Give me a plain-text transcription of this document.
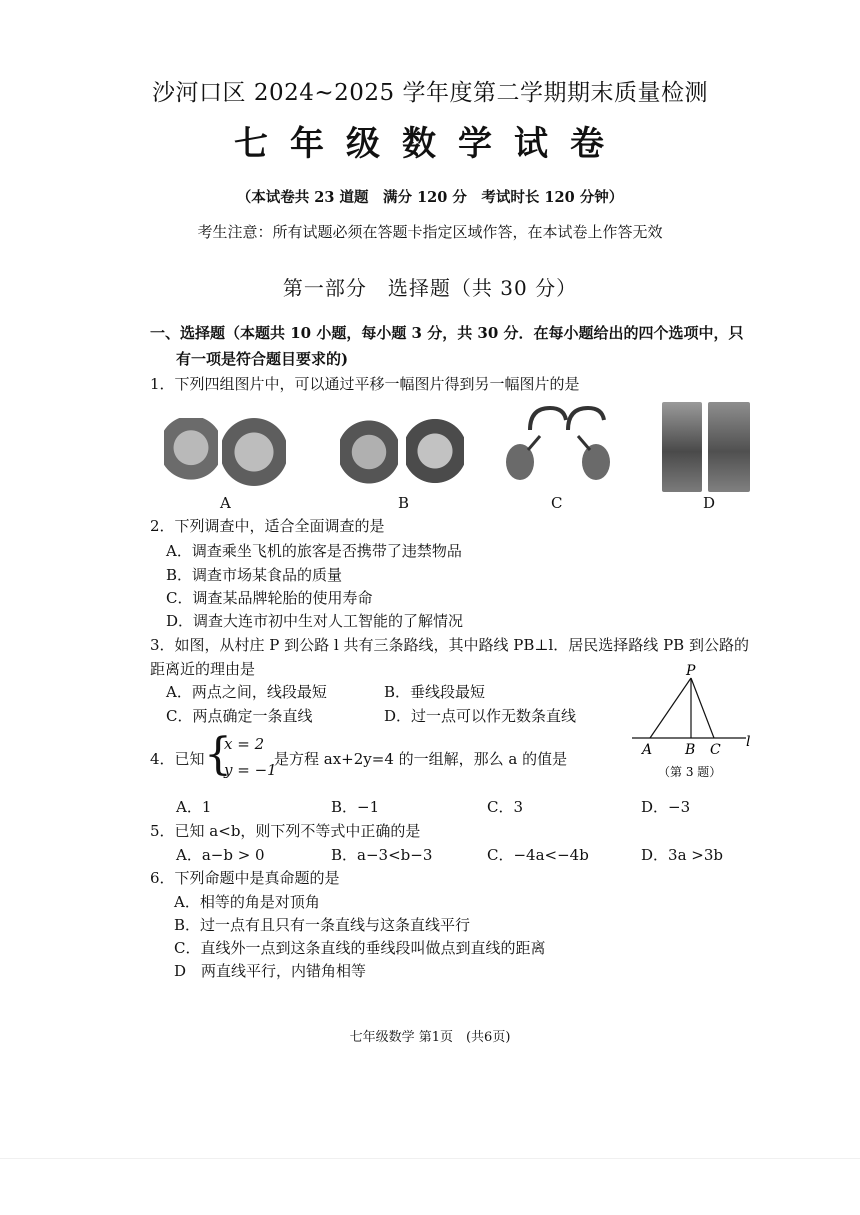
沙河口区 2024~2025 学年度第二学期期末质量检测
七年级数学试卷
（本试卷共 23 道题　满分 120 分　考试时长 120 分钟）
考生注意：所有试题必须在答题卡指定区域作答，在本试卷上作答无效
第一部分　选择题（共 30 分）
一、选择题（本题共 10 小题，每小题 3 分，共 30 分．在每小题给出的四个选项中，只
有一项是符合题目要求的)
1．下列四组图片中，可以通过平移一幅图片得到另一幅图片的是
A	B	C	D
2．下列调查中，适合全面调查的是
A．调查乘坐飞机的旅客是否携带了违禁物品
B．调查市场某食品的质量
C．调查某品牌轮胎的使用寿命
D．调查大连市初中生对人工智能的了解情况
3．如图，从村庄 P 到公路 l 共有三条路线，其中路线 PB⊥l．居民选择路线 PB 到公路的
距离近的理由是
A．两点之间，线段最短	B．垂线段最短
C．两点确定一条直线	D．过一点可以作无数条直线
P
A B C l
（第 3 题）
4．已知 {
x = 2
y = −1
是方程 ax+2y=4 的一组解，那么 a 的值是
A．1	B．−1	C．3	D．−3
5．已知 a<b，则下列不等式中正确的是
A．a−b > 0	B．a−3<b−3	C．−4a<−4b	D．3a >3b
6．下列命题中是真命题的是
A．相等的角是对顶角
B．过一点有且只有一条直线与这条直线平行
C．直线外一点到这条直线的垂线段叫做点到直线的距离
D　两直线平行，内错角相等
七年级数学 第1页　(共6页)
